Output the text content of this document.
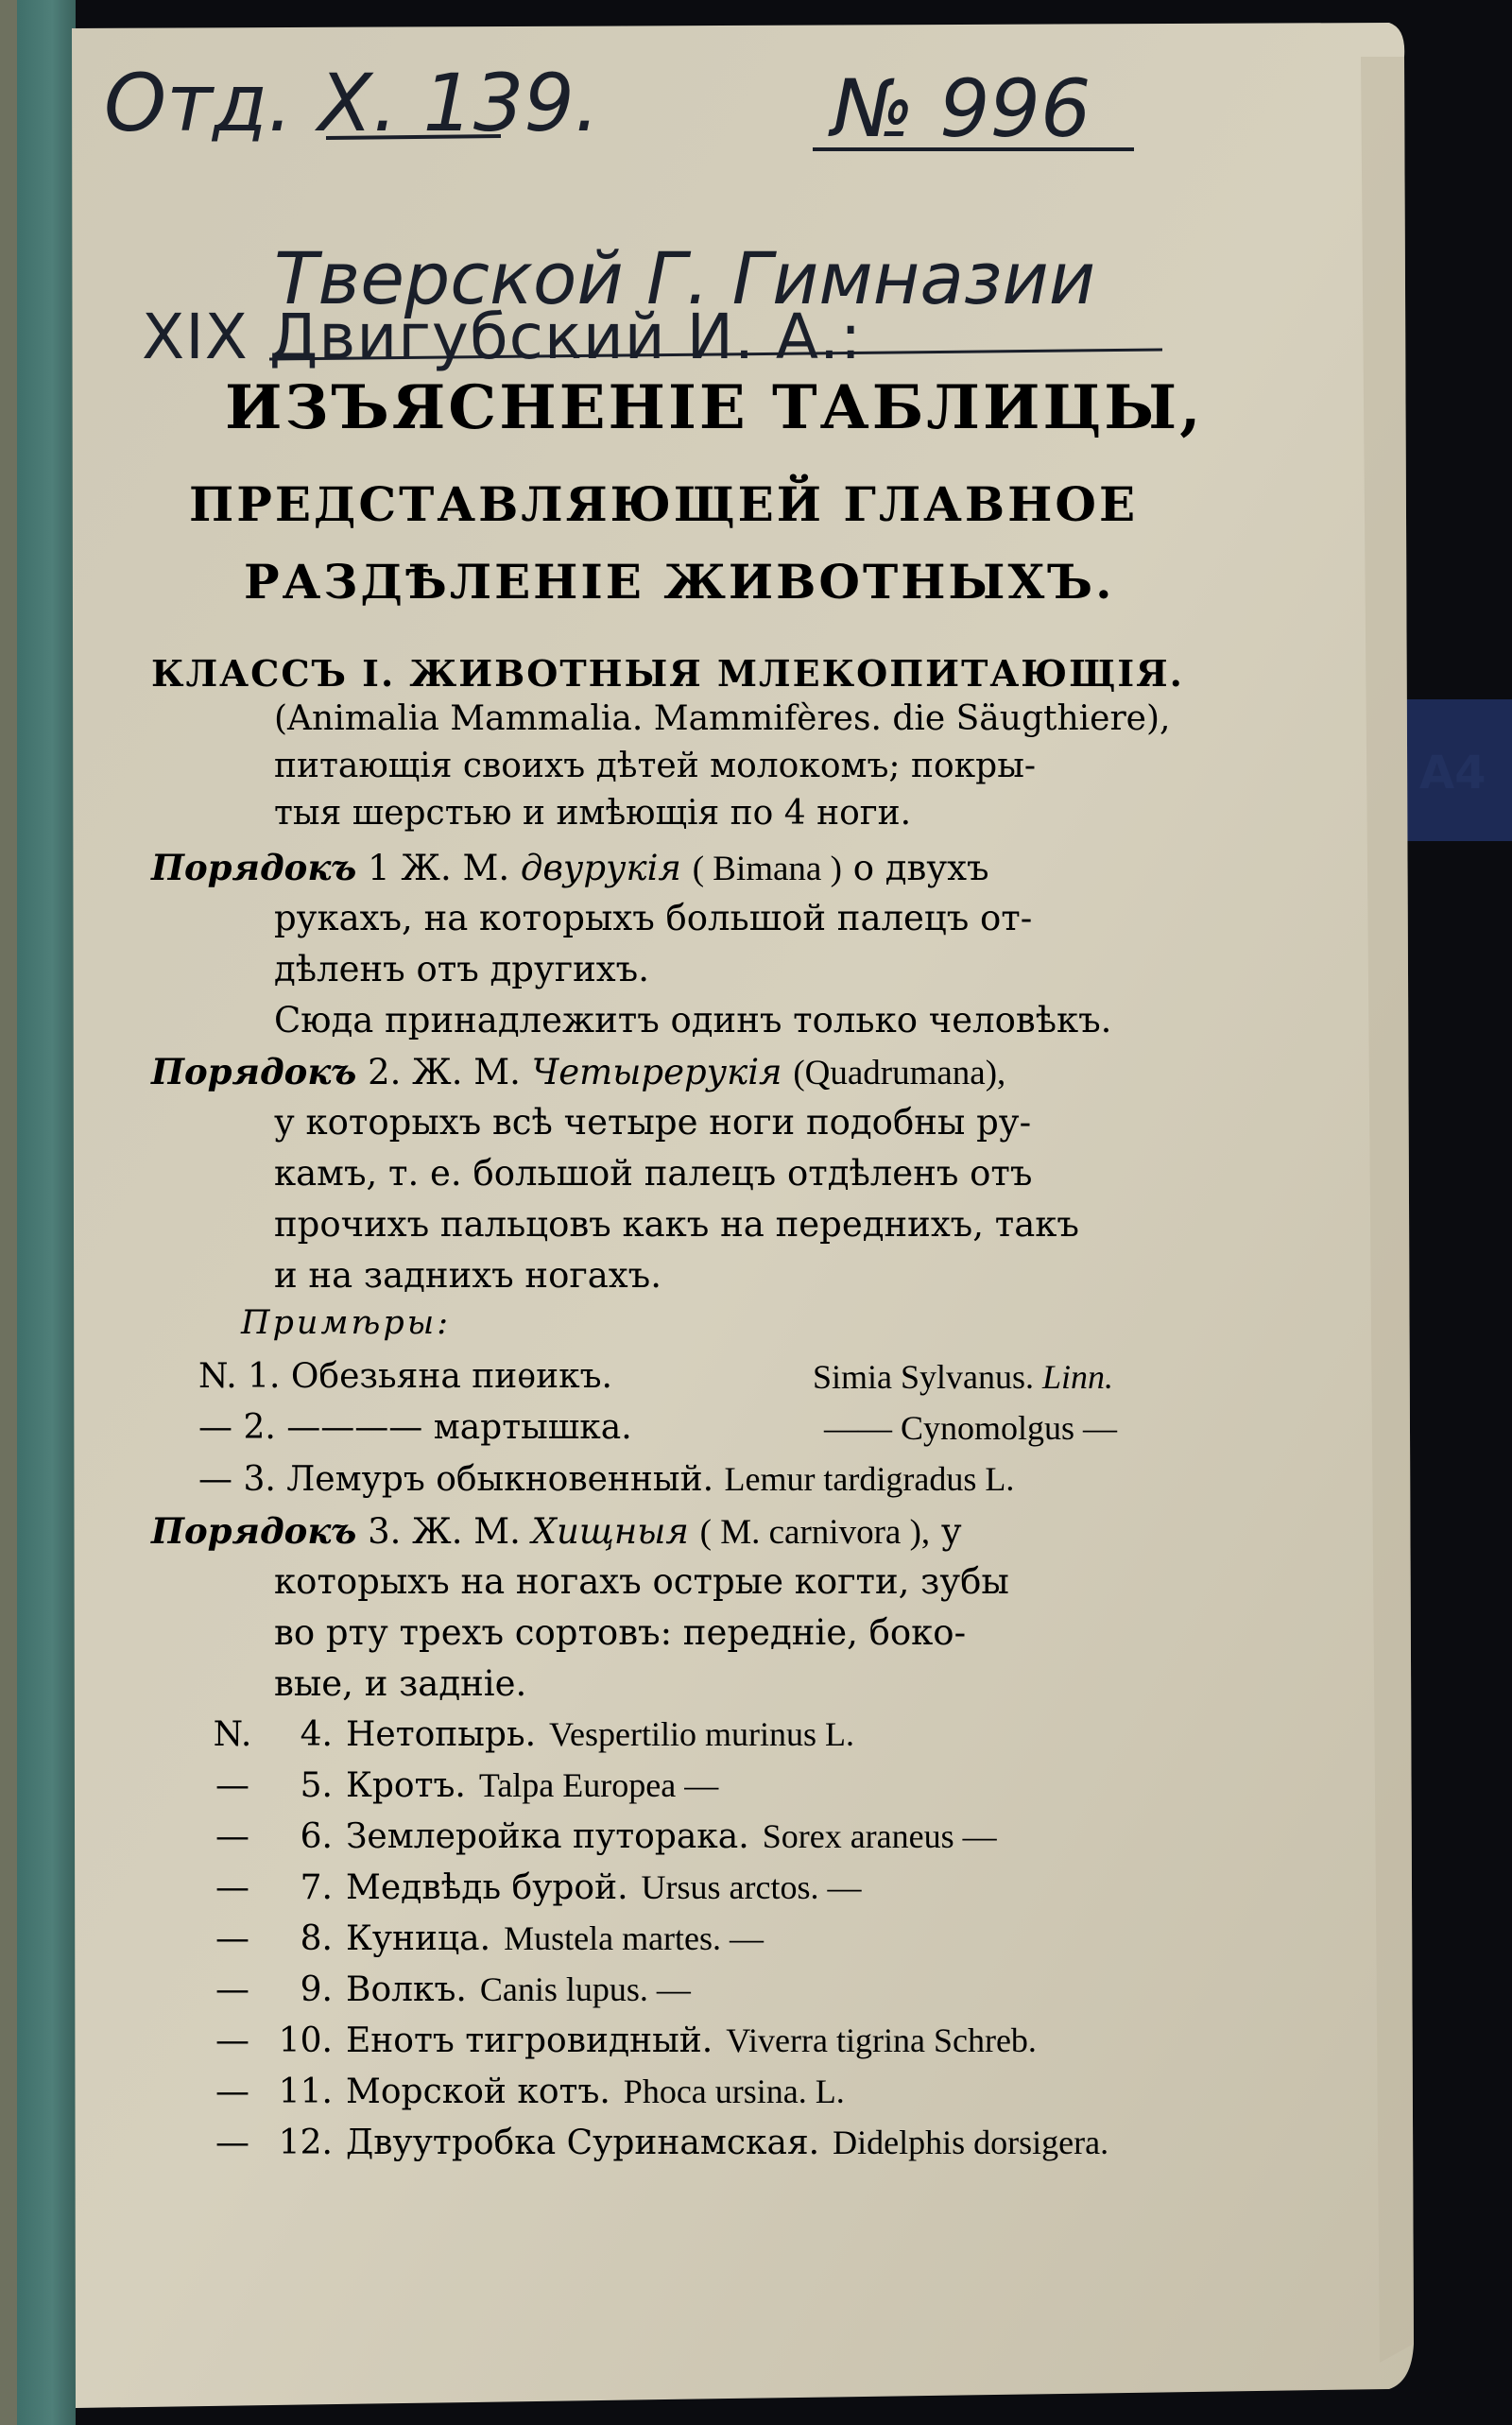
A4
Отд. X. 139.	№ 996
Тверской Г. Гимназии
XIX Двигубский И. А.:
ИЗЪЯСНЕНІЕ ТАБЛИЦЫ,
ПРЕДСТАВЛЯЮЩЕЙ ГЛАВНОЕ
РАЗДѢЛЕНІЕ ЖИВОТНЫХЪ.
КЛАССЪ I. ЖИВОТНЫЯ МЛЕКОПИТАЮЩІЯ.
(Animalia Mammalia. Mammifères. die Säugthiere),
питающія своихъ дѣтей молокомъ; покры-
тыя шерстью и имѣющія по 4 ноги.
Порядокъ 1 Ж. М. двурукія ( Bimana ) о двухъ
рукахъ, на которыхъ большой палецъ от-
дѣленъ отъ другихъ.
Сюда принадлежитъ одинъ только человѣкъ.
Порядокъ 2. Ж. М. Четырерукія (Quadrumana),
у которыхъ всѣ четыре ноги подобны ру-
камъ, т. е. большой палецъ отдѣленъ отъ
прочихъ пальцовъ какъ на переднихъ, такъ
и на заднихъ ногахъ.
Примѣры:
N. 1. Обезьяна пиѳикъ.	Simia Sylvanus. Linn.
— 2. ———— мартышка.	—— Cynomolgus —
— 3. Лемуръ обыкновенный. Lemur tardigradus L.
Порядокъ 3. Ж. М. Хищныя ( M. carnivora ), у
которыхъ на ногахъ острые когти, зубы
во рту трехъ сортовъ: передніе, боко-
вые, и задніе.
N. 4. Нетопырь. Vespertilio murinus L.
— 5. Кротъ. Talpa Europea —
— 6. Землеройка путорака. Sorex araneus —
— 7. Медвѣдь бурой. Ursus arctos. —
— 8. Куница. Mustela martes. —
— 9. Волкъ. Canis lupus. —
— 10. Енотъ тигровидный. Viverra tigrina Schreb.
— 11. Морской котъ. Phoca ursina. L.
— 12. Двуутробка Суринамская. Didelphis dorsigera.
